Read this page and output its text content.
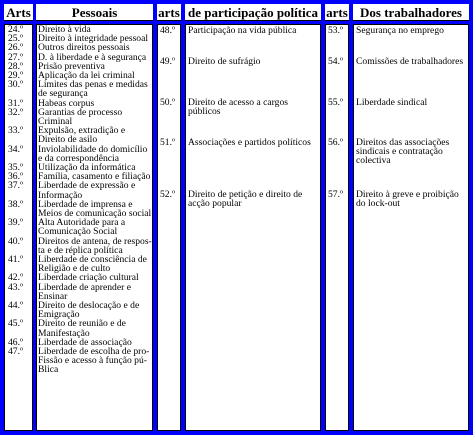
Arts	Pessoais	arts de participação política arts Dos trabalhadores
24.º Direito à vida
25.º Direito à integridade pessoal
26.º Outros direitos pessoais
27.º D. à liberdade e à segurança
28.º Prisão preventiva
29.º Aplicação da lei criminal
30.º Limites das penas e medidas
de segurança
31.º Habeas corpus
32.º Garantias de processo
Criminal
33.º Expulsão, extradição e
Direito de asilo
34.º Inviolabilidade do domicílio
e da correspondência
35.º Utilização da informática
36.º Família, casamento e filiação
37.º Liberdade de expressão e
Informação
38.º Liberdade de imprensa e
Meios de comunicação social
39.º Alta Autoridade para a
Comunicação Social
40.º Direitos de antena, de respos-
ta e de réplica política
41.º Liberdade de consciência de
Religião e de culto
42.º Liberdade criação cultural
43.º Liberdade de aprender e
Ensinar
44.º Direito de deslocação e de
Emigração
45.º Direito de reunião e de
Manifestação
46.º Liberdade de associação
47.º Liberdade de escolha de pro-
Fissão e acesso à função pú-
Blica
48.º Participação na vida pública
49.º Direito de sufrágio
50.º Direito de acesso a cargos públicos
51.º Associações e partidos políticos
52.º Direito de petição e direito de
acção popular
53.º Segurança no emprego
54.º Comissões de trabalhadores
55.º Liberdade sindical
56.º Direitos das associações
sindicais e contratação
colectiva
57.º Direito à greve e proibição
do lock-out
